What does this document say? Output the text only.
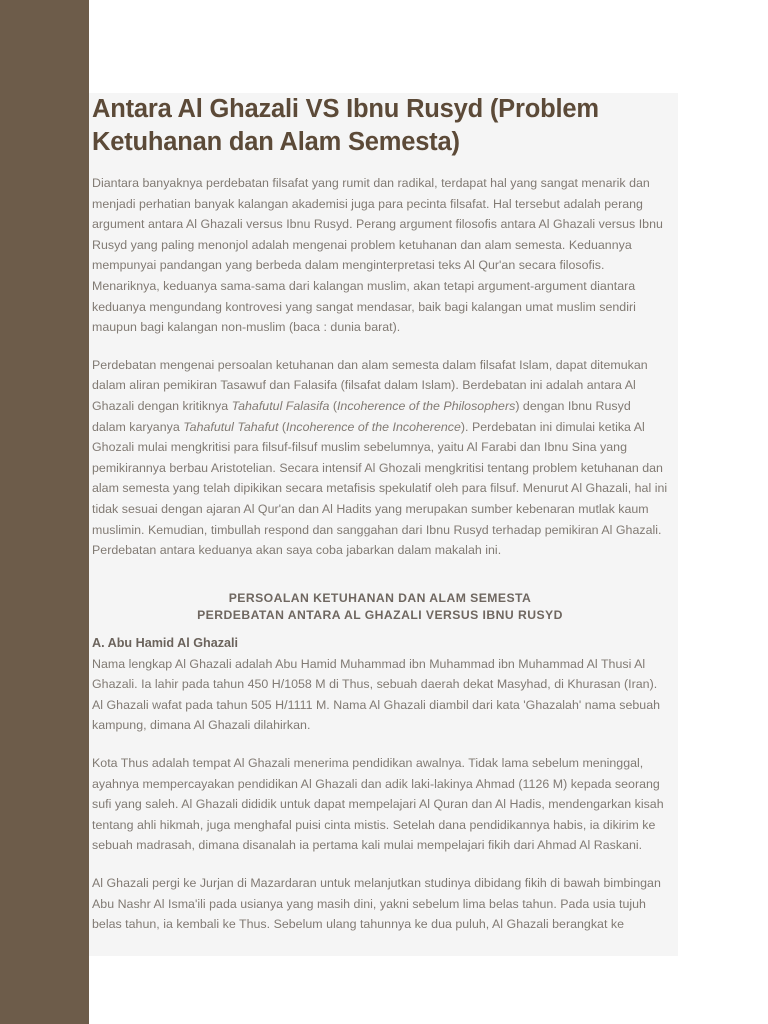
Antara Al Ghazali VS Ibnu Rusyd (Problem Ketuhanan dan Alam Semesta)

Diantara banyaknya perdebatan filsafat yang rumit dan radikal, terdapat hal yang sangat menarik dan menjadi perhatian banyak kalangan akademisi juga para pecinta filsafat. Hal tersebut adalah perang argument antara Al Ghazali versus Ibnu Rusyd. Perang argument filosofis antara Al Ghazali versus Ibnu Rusyd yang paling menonjol adalah mengenai problem ketuhanan dan alam semesta. Keduannya mempunyai pandangan yang berbeda dalam menginterpretasi teks Al Qur'an secara filosofis. Menariknya, keduanya sama-sama dari kalangan muslim, akan tetapi argument-argument diantara keduanya mengundang kontrovesi yang sangat mendasar, baik bagi kalangan umat muslim sendiri maupun bagi kalangan non-muslim (baca : dunia barat).

Perdebatan mengenai persoalan ketuhanan dan alam semesta dalam filsafat Islam, dapat ditemukan dalam aliran pemikiran Tasawuf dan Falasifa (filsafat dalam Islam). Berdebatan ini adalah antara Al Ghazali dengan kritiknya Tahafutul Falasifa (Incoherence of the Philosophers) dengan Ibnu Rusyd dalam karyanya Tahafutul Tahafut (Incoherence of the Incoherence). Perdebatan ini dimulai ketika Al Ghozali mulai mengkritisi para filsuf-filsuf muslim sebelumnya, yaitu Al Farabi dan Ibnu Sina yang pemikirannya berbau Aristotelian. Secara intensif Al Ghozali mengkritisi tentang problem ketuhanan dan alam semesta yang telah dipikikan secara metafisis spekulatif oleh para filsuf. Menurut Al Ghazali, hal ini tidak sesuai dengan ajaran Al Qur'an dan Al Hadits yang merupakan sumber kebenaran mutlak kaum muslimin. Kemudian, timbullah respond dan sanggahan dari Ibnu Rusyd terhadap pemikiran Al Ghazali. Perdebatan antara keduanya akan saya coba jabarkan dalam makalah ini.

PERSOALAN KETUHANAN DAN ALAM SEMESTA
PERDEBATAN ANTARA AL GHAZALI VERSUS IBNU RUSYD
A. Abu Hamid Al Ghazali

Nama lengkap Al Ghazali adalah Abu Hamid Muhammad ibn Muhammad ibn Muhammad Al Thusi Al Ghazali. Ia lahir pada tahun 450 H/1058 M di Thus, sebuah daerah dekat Masyhad, di Khurasan (Iran). Al Ghazali wafat pada tahun 505 H/1111 M. Nama Al Ghazali diambil dari kata 'Ghazalah' nama sebuah kampung, dimana Al Ghazali dilahirkan.

Kota Thus adalah tempat Al Ghazali menerima pendidikan awalnya. Tidak lama sebelum meninggal, ayahnya mempercayakan pendidikan Al Ghazali dan adik laki-lakinya Ahmad (1126 M) kepada seorang sufi yang saleh. Al Ghazali dididik untuk dapat mempelajari Al Quran dan Al Hadis, mendengarkan kisah tentang ahli hikmah, juga menghafal puisi cinta mistis. Setelah dana pendidikannya habis, ia dikirim ke sebuah madrasah, dimana disanalah ia pertama kali mulai mempelajari fikih dari Ahmad Al Raskani.

Al Ghazali pergi ke Jurjan di Mazardaran untuk melanjutkan studinya dibidang fikih di bawah bimbingan Abu Nashr Al Isma'ili pada usianya yang masih dini, yakni sebelum lima belas tahun. Pada usia tujuh belas tahun, ia kembali ke Thus. Sebelum ulang tahunnya ke dua puluh, Al Ghazali berangkat ke
